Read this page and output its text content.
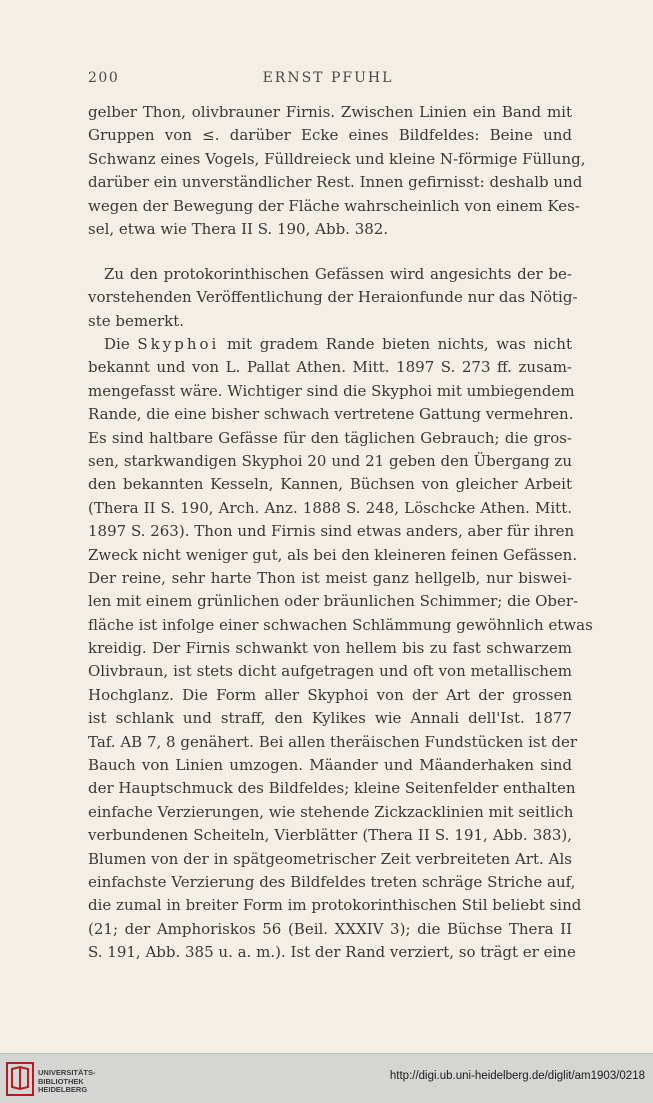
200	ERNST PFUHL
gelber Thon, olivbrauner Firnis. Zwischen Linien ein Band mit
Gruppen von ≤. darüber Ecke eines Bildfeldes: Beine und
Schwanz eines Vogels, Fülldreieck und kleine N-förmige Füllung,
darüber ein unverständlicher Rest. Innen gefirnisst: deshalb und
wegen der Bewegung der Fläche wahrscheinlich von einem Kes-
sel, etwa wie Thera II S. 190, Abb. 382.
Zu den protokorinthischen Gefässen wird angesichts der be-
vorstehenden Veröffentlichung der Heraionfunde nur das Nötig-
ste bemerkt.
Die Skyphoi mit gradem Rande bieten nichts, was nicht
bekannt und von L. Pallat Athen. Mitt. 1897 S. 273 ff. zusam-
mengefasst wäre. Wichtiger sind die Skyphoi mit umbiegendem
Rande, die eine bisher schwach vertretene Gattung vermehren.
Es sind haltbare Gefässe für den täglichen Gebrauch; die gros-
sen, starkwandigen Skyphoi 20 und 21 geben den Übergang zu
den bekannten Kesseln, Kannen, Büchsen von gleicher Arbeit
(Thera II S. 190, Arch. Anz. 1888 S. 248, Löschcke Athen. Mitt.
1897 S. 263). Thon und Firnis sind etwas anders, aber für ihren
Zweck nicht weniger gut, als bei den kleineren feinen Gefässen.
Der reine, sehr harte Thon ist meist ganz hellgelb, nur biswei-
len mit einem grünlichen oder bräunlichen Schimmer; die Ober-
fläche ist infolge einer schwachen Schlämmung gewöhnlich etwas
kreidig. Der Firnis schwankt von hellem bis zu fast schwarzem
Olivbraun, ist stets dicht aufgetragen und oft von metallischem
Hochglanz. Die Form aller Skyphoi von der Art der grossen
ist schlank und straff, den Kylikes wie Annali dell'Ist. 1877
Taf. AB 7, 8 genähert. Bei allen theräischen Fundstücken ist der
Bauch von Linien umzogen. Mäander und Mäanderhaken sind
der Hauptschmuck des Bildfeldes; kleine Seitenfelder enthalten
einfache Verzierungen, wie stehende Zickzacklinien mit seitlich
verbundenen Scheiteln, Vierblätter (Thera II S. 191, Abb. 383),
Blumen von der in spätgeometrischer Zeit verbreiteten Art. Als
einfachste Verzierung des Bildfeldes treten schräge Striche auf,
die zumal in breiter Form im protokorinthischen Stil beliebt sind
(21; der Amphoriskos 56 (Beil. XXXIV 3); die Büchse Thera II
S. 191, Abb. 385 u. a. m.). Ist der Rand verziert, so trägt er eine
UNIVERSITÄTS-
BIBLIOTHEK
HEIDELBERG
http://digi.ub.uni-heidelberg.de/diglit/am1903/0218
